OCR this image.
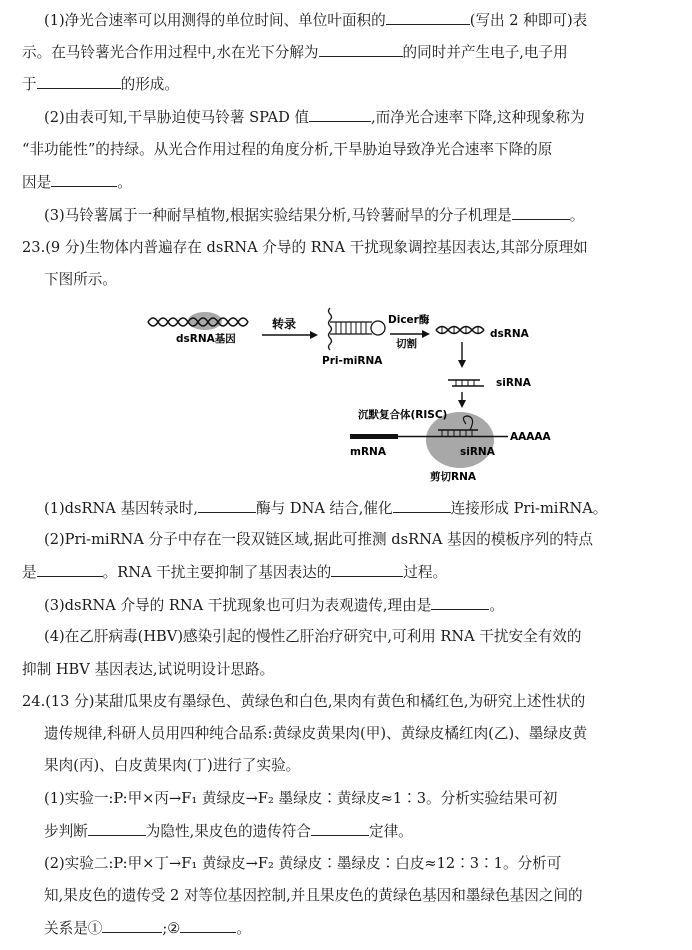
(1)净光合速率可以用测得的单位时间、单位叶面积的	(写出 2 种即可)表
示。在马铃薯光合作用过程中,水在光下分解为	的同时并产生电子,电子用
于	的形成。
(2)由表可知,干旱胁迫使马铃薯 SPAD 值	,而净光合速率下降,这种现象称为
“非功能性”的持绿。从光合作用过程的角度分析,干旱胁迫导致净光合速率下降的原
因是	。
(3)马铃薯属于一种耐旱植物,根据实验结果分析,马铃薯耐旱的分子机理是	。
23.(9 分)生物体内普遍存在 dsRNA 介导的 RNA 干扰现象调控基因表达,其部分原理如
下图所示。
dsRNA基因
转录
Pri-miRNA
Dicer酶
切割
dsRNA
siRNA
沉默复合体(RISC)
AAAAA
mRNA	siRNA
剪切RNA
(1)dsRNA 基因转录时,	酶与 DNA 结合,催化	连接形成 Pri-miRNA。
(2)Pri-miRNA 分子中存在一段双链区域,据此可推测 dsRNA 基因的模板序列的特点
是	。RNA 干扰主要抑制了基因表达的	过程。
(3)dsRNA 介导的 RNA 干扰现象也可归为表观遗传,理由是	。
(4)在乙肝病毒(HBV)感染引起的慢性乙肝治疗研究中,可利用 RNA 干扰安全有效的
抑制 HBV 基因表达,试说明设计思路。
24.(13 分)某甜瓜果皮有墨绿色、黄绿色和白色,果肉有黄色和橘红色,为研究上述性状的
遗传规律,科研人员用四种纯合品系:黄绿皮黄果肉(甲)、黄绿皮橘红肉(乙)、墨绿皮黄
果肉(丙)、白皮黄果肉(丁)进行了实验。
(1)实验一:P:甲×丙→F₁ 黄绿皮→F₂ 墨绿皮∶黄绿皮≈1∶3。分析实验结果可初
步判断	为隐性,果皮色的遗传符合	定律。
(2)实验二:P:甲×丁→F₁ 黄绿皮→F₂ 黄绿皮∶墨绿皮∶白皮≈12∶3∶1。分析可
知,果皮色的遗传受 2 对等位基因控制,并且果皮色的黄绿色基因和墨绿色基因之间的
关系是①	;②	。
